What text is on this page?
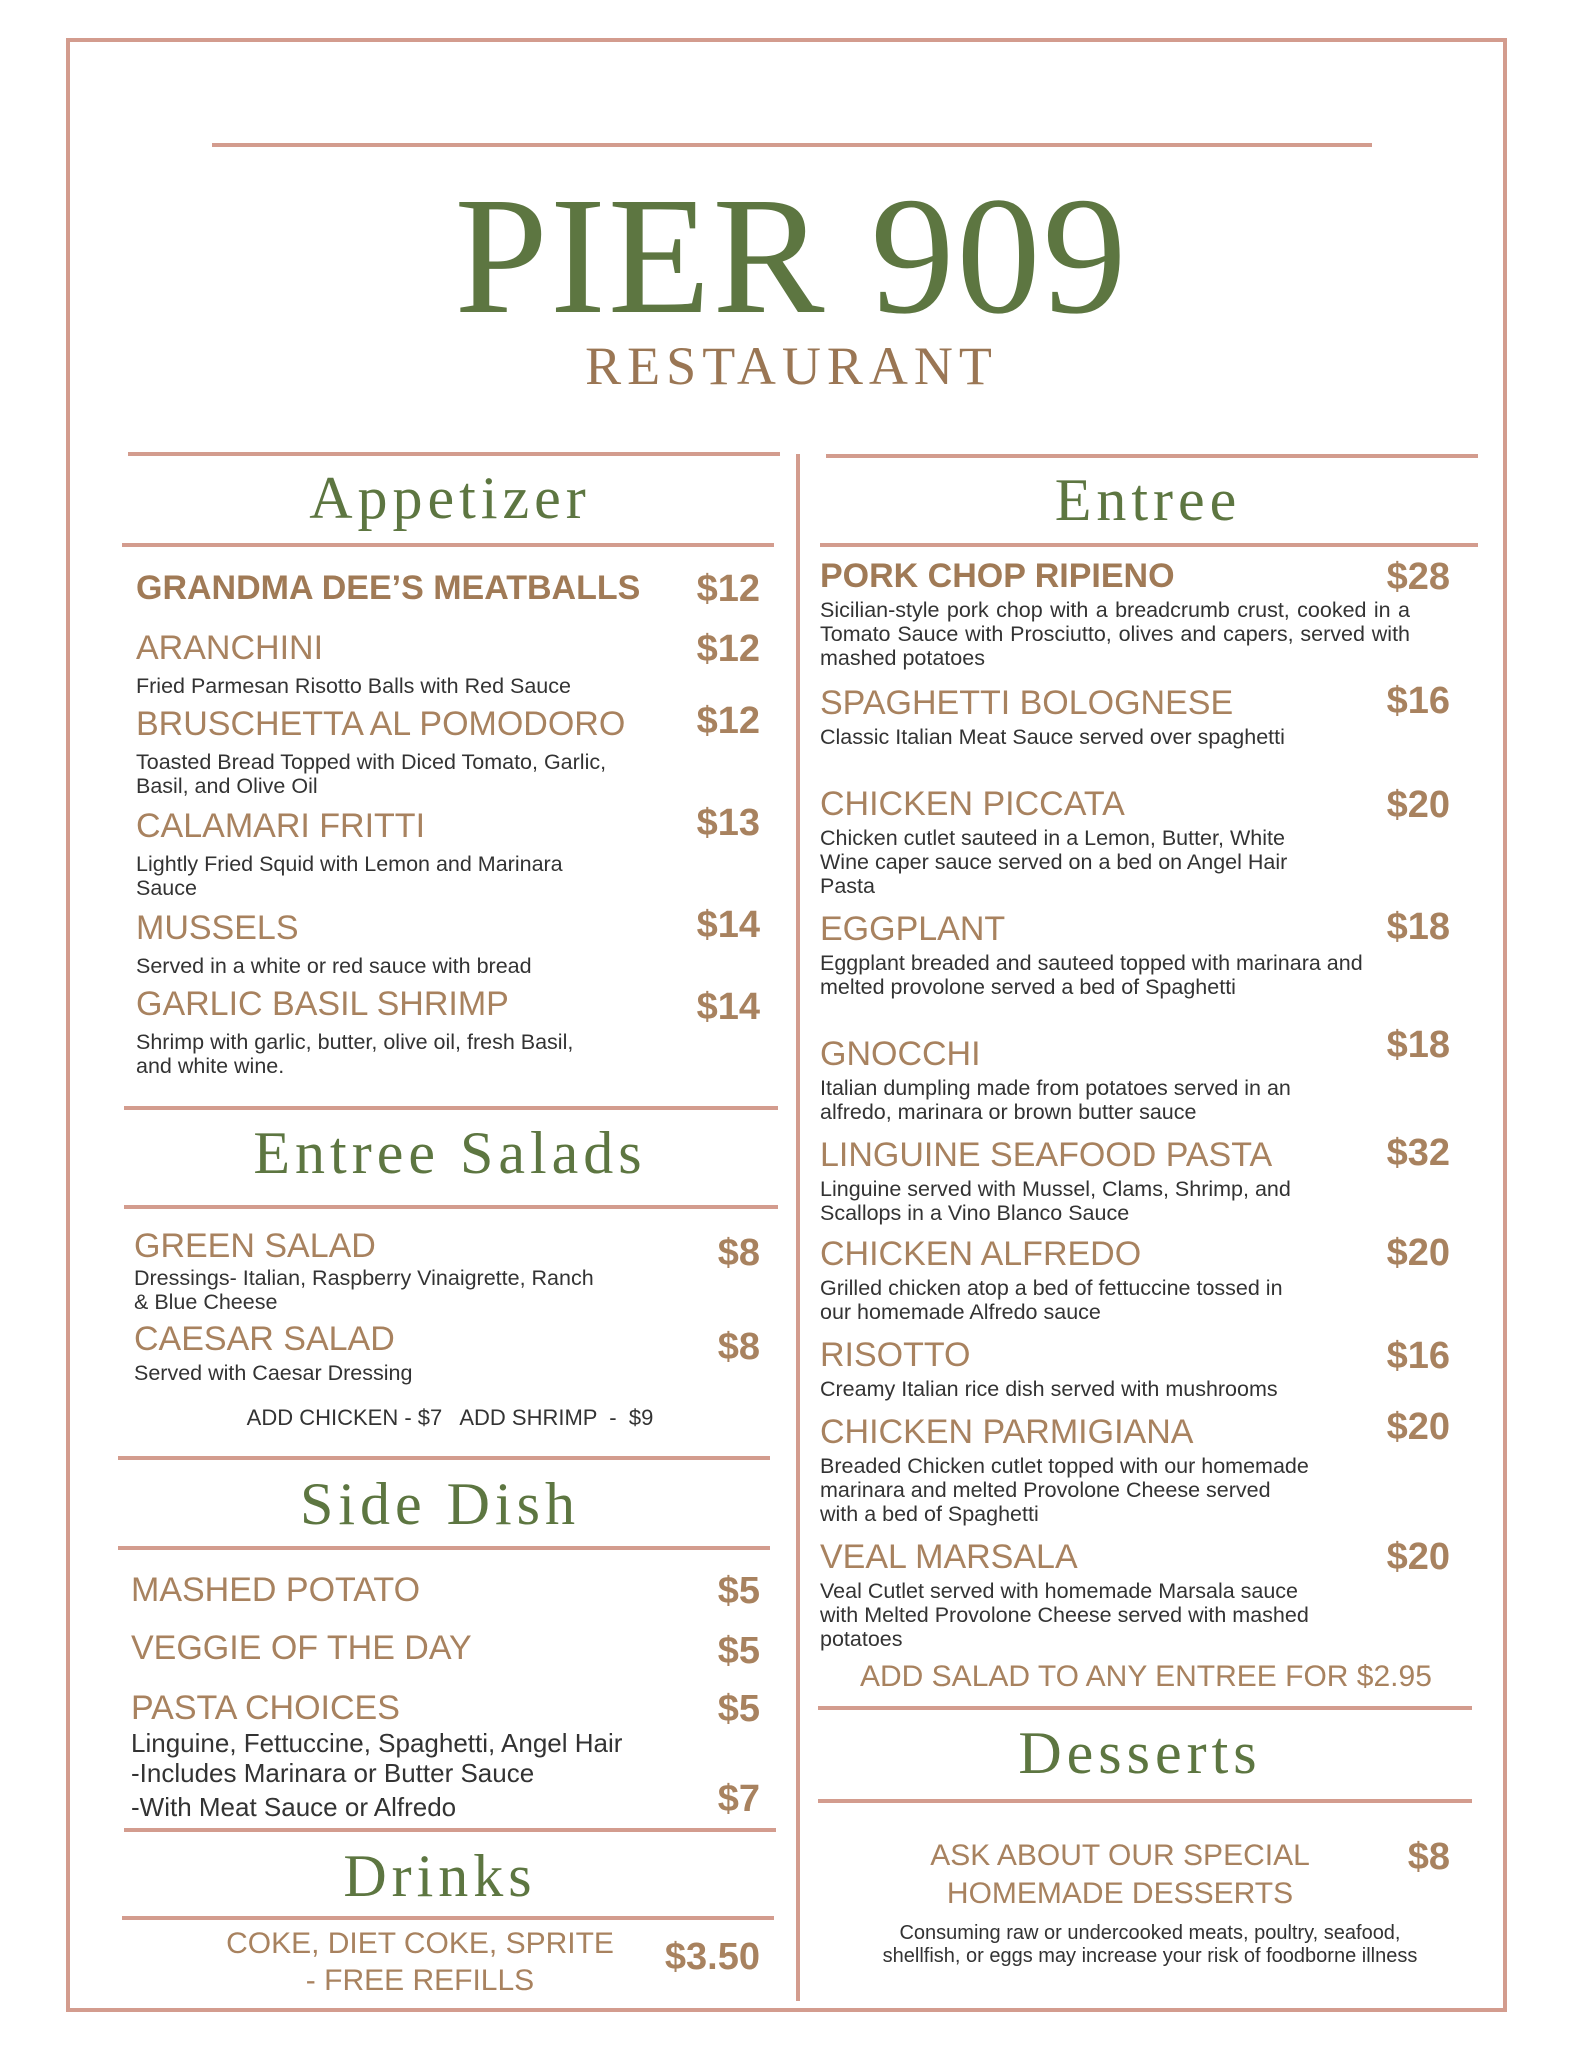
PIER 909
RESTAURANT
Appetizer
GRANDMA DEE’S MEATBALLS	$12
ARANCHINI
Fried Parmesan Risotto Balls with Red Sauce
$12
BRUSCHETTA AL POMODORO
Toasted Bread Topped with Diced Tomato, Garlic, Basil, and Olive Oil
$12
CALAMARI FRITTI
Lightly Fried Squid with Lemon and Marinara Sauce
$13
MUSSELS
Served in a white or red sauce with bread
$14
GARLIC BASIL SHRIMP
Shrimp with garlic, butter, olive oil, fresh Basil, and white wine.
$14
Entree Salads
GREEN SALAD
Dressings- Italian, Raspberry Vinaigrette, Ranch & Blue Cheese
$8
CAESAR SALAD
Served with Caesar Dressing
$8
ADD CHICKEN - $7   ADD SHRIMP  -  $9
Side Dish
MASHED POTATO	$5
VEGGIE OF THE DAY	$5
PASTA CHOICES
Linguine, Fettuccine, Spaghetti, Angel Hair
-Includes Marinara or Butter Sauce
-With Meat Sauce or Alfredo
$5
$7
Drinks
COKE, DIET COKE, SPRITE
- FREE REFILLS
$3.50
Entree
PORK CHOP RIPIENO
Sicilian-style pork chop with a breadcrumb crust, cooked in a Tomato Sauce with Prosciutto, olives and capers, served with mashed potatoes
$28
SPAGHETTI BOLOGNESE
Classic Italian Meat Sauce served over spaghetti
$16
CHICKEN PICCATA
Chicken cutlet sauteed in a Lemon, Butter, White Wine caper sauce served on a bed on Angel Hair Pasta
$20
EGGPLANT
Eggplant breaded and sauteed topped with marinara and melted provolone served a bed of Spaghetti
$18
GNOCCHI
Italian dumpling made from potatoes served in an alfredo, marinara or brown butter sauce
$18
LINGUINE SEAFOOD PASTA
Linguine served with Mussel, Clams, Shrimp, and Scallops in a Vino Blanco Sauce
$32
CHICKEN ALFREDO
Grilled chicken atop a bed of fettuccine tossed in our homemade Alfredo sauce
$20
RISOTTO
Creamy Italian rice dish served with mushrooms
$16
CHICKEN PARMIGIANA
Breaded Chicken cutlet topped with our homemade marinara and melted Provolone Cheese served with a bed of Spaghetti
$20
VEAL MARSALA
Veal Cutlet served with homemade Marsala sauce with Melted Provolone Cheese served with mashed potatoes
$20
ADD SALAD TO ANY ENTREE FOR $2.95
Desserts
ASK ABOUT OUR SPECIAL
HOMEMADE DESSERTS
$8
Consuming raw or undercooked meats, poultry, seafood,
shellfish, or eggs may increase your risk of foodborne illness
